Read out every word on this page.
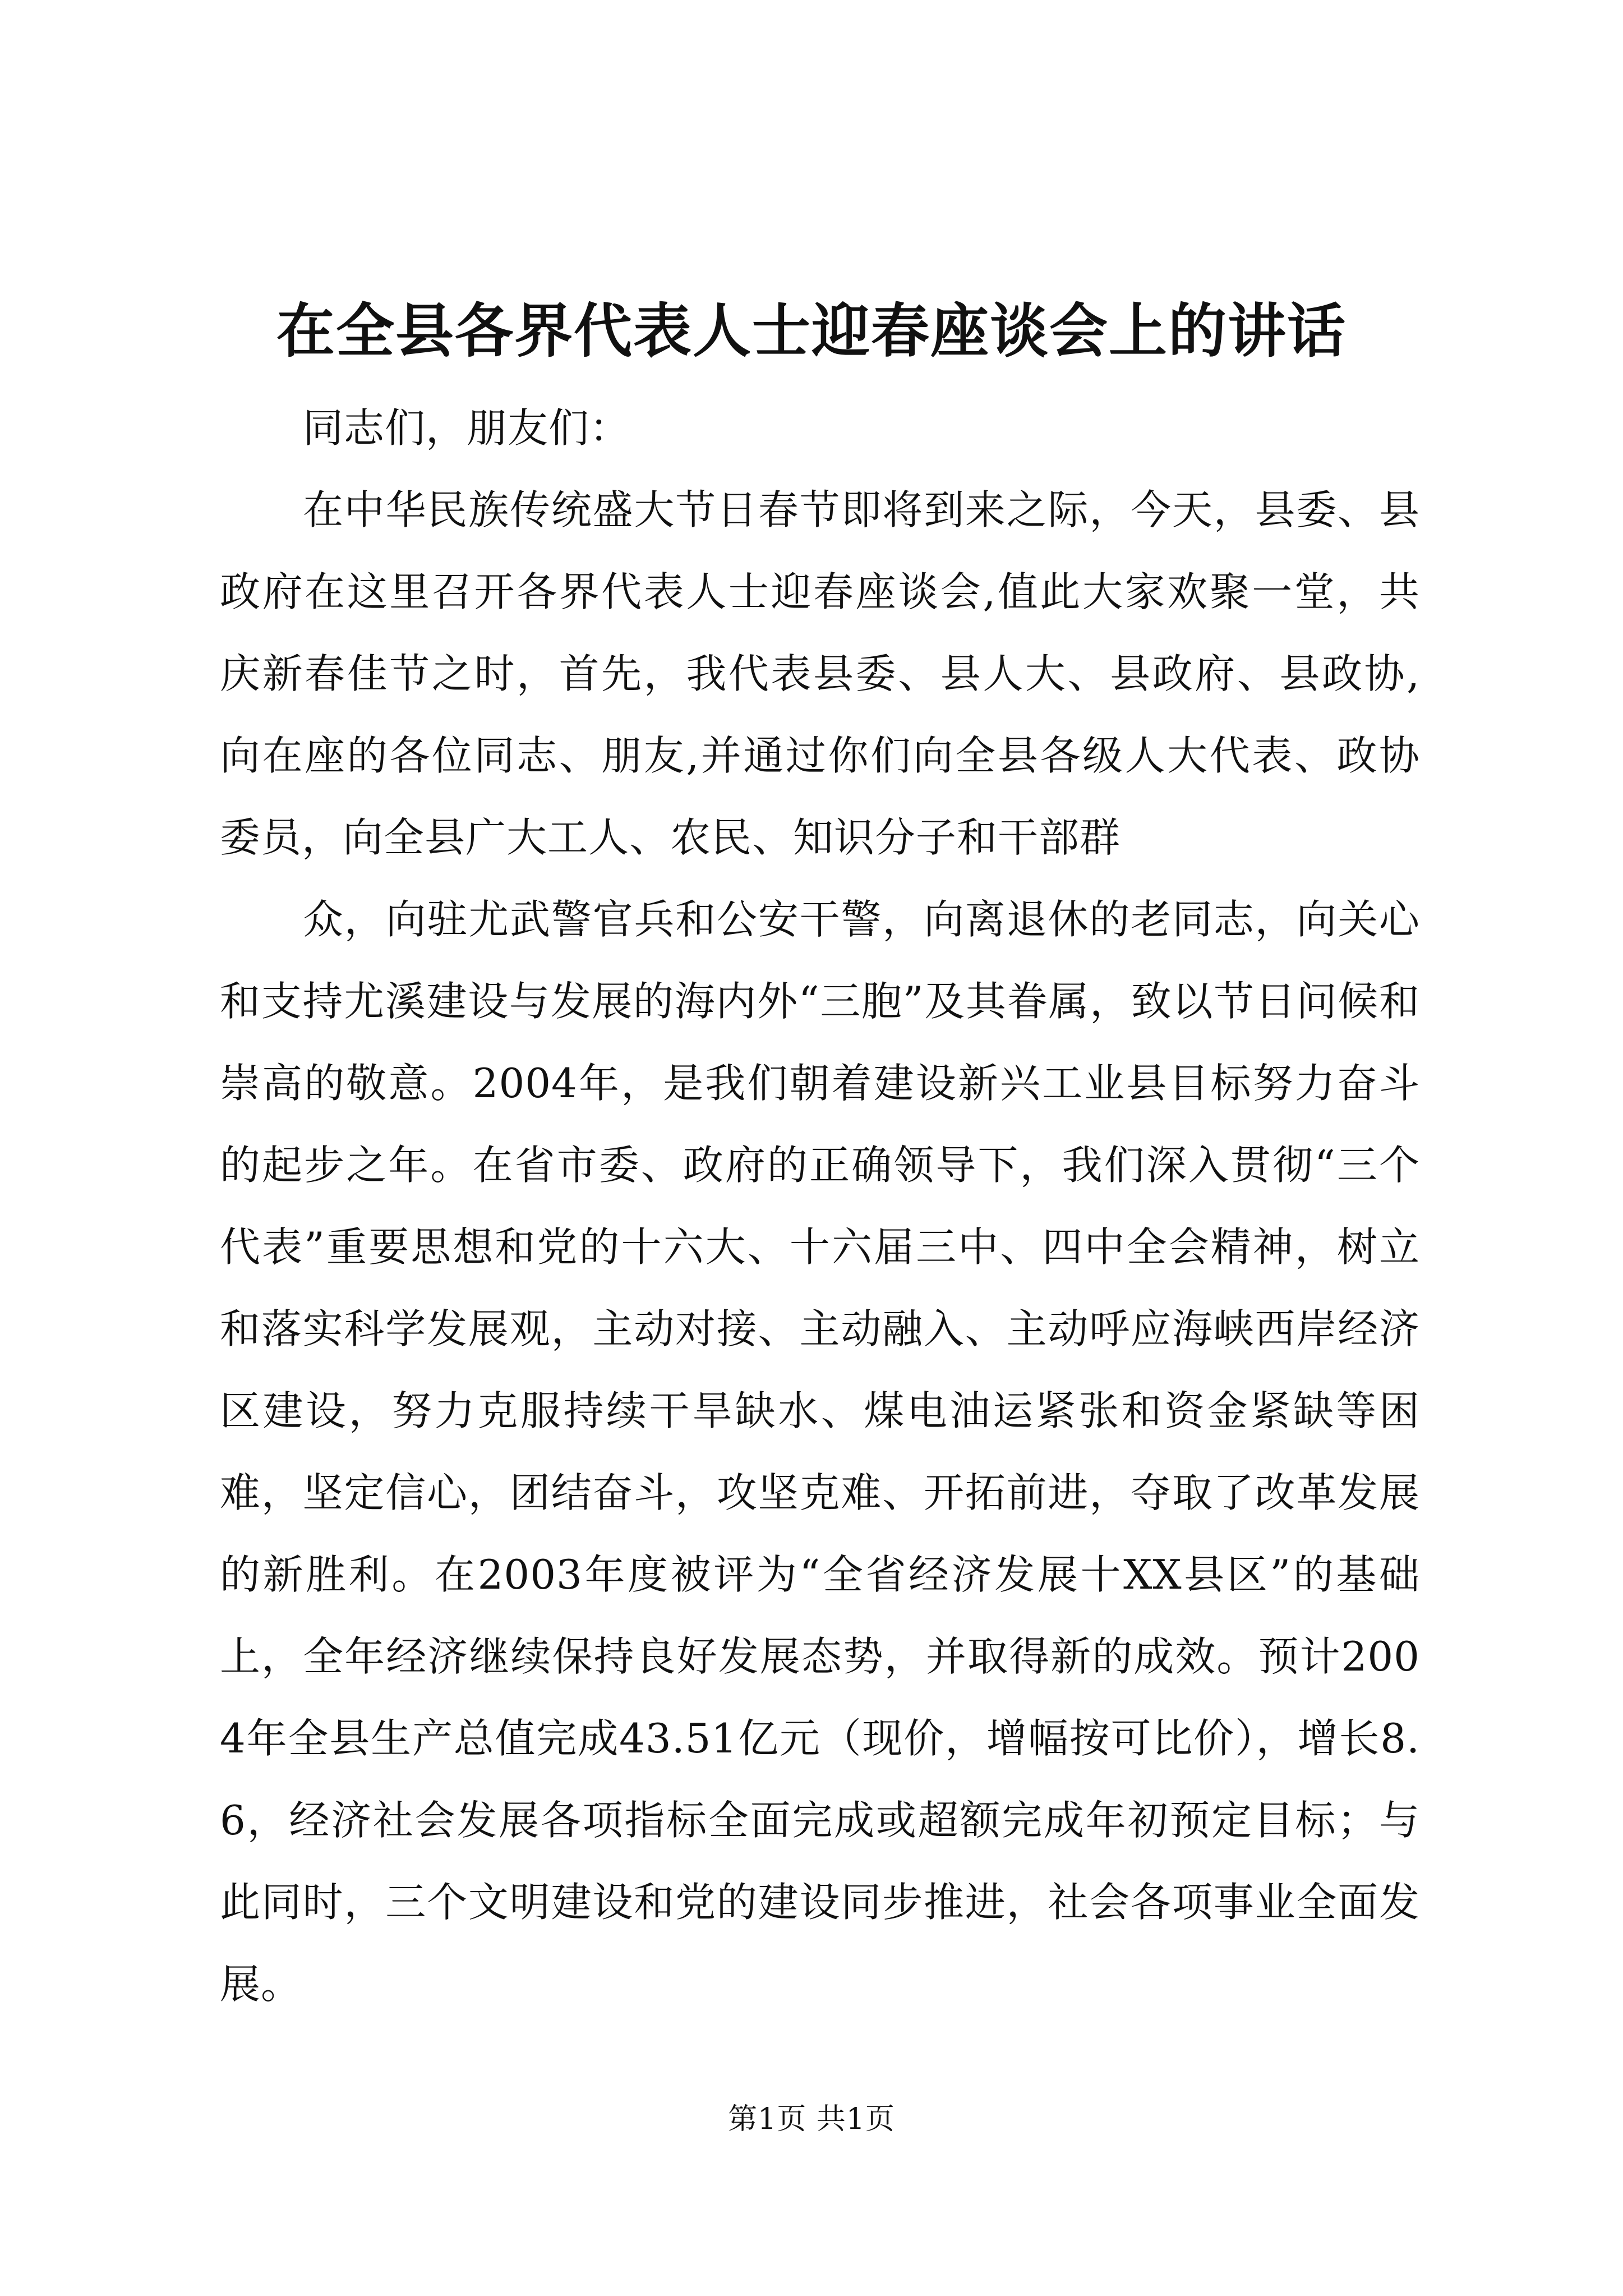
在全县各界代表人士迎春座谈会上的讲话

同志们，朋友们：

在中华民族传统盛大节日春节即将到来之际，今天，县委、县政府在这里召开各界代表人士迎春座谈会,值此大家欢聚一堂，共庆新春佳节之时，首先，我代表县委、县人大、县政府、县政协,向在座的各位同志、朋友,并通过你们向全县各级人大代表、政协委员，向全县广大工人、农民、知识分子和干部群

众，向驻尤武警官兵和公安干警，向离退休的老同志，向关心和支持尤溪建设与发展的海内外“三胞”及其眷属，致以节日问候和崇高的敬意。2004年，是我们朝着建设新兴工业县目标努力奋斗的起步之年。在省市委、政府的正确领导下，我们深入贯彻“三个代表”重要思想和党的十六大、十六届三中、四中全会精神，树立和落实科学发展观，主动对接、主动融入、主动呼应海峡西岸经济区建设，努力克服持续干旱缺水、煤电油运紧张和资金紧缺等困难，坚定信心，团结奋斗，攻坚克难、开拓前进，夺取了改革发展的新胜利。在2003年度被评为“全省经济发展十XX县区”的基础上，全年经济继续保持良好发展态势，并取得新的成效。预计2004年全县生产总值完成43.51亿元（现价，增幅按可比价），增长8.6，经济社会发展各项指标全面完成或超额完成年初预定目标；与此同时，三个文明建设和党的建设同步推进，社会各项事业全面发展。

第1页 共1页
